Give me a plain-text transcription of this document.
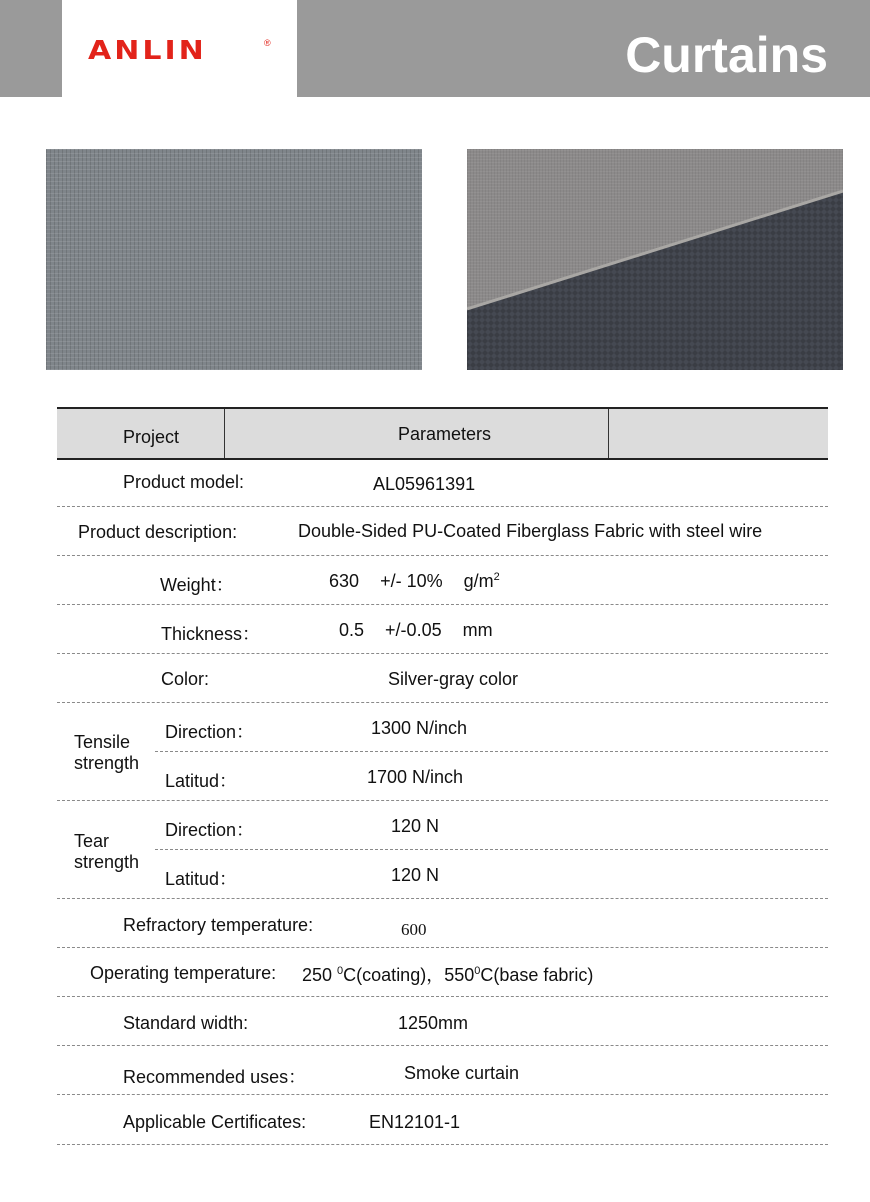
ANLIN	®	Curtains
Project	Parameters
Product model:	AL05961391
Product description:	Double-Sided PU-Coated Fiberglass Fabric with steel wire
Weight：	630 +/- 10% $g/m^2$
Thickness：	0.5 +/-0.05 mm
Color:	Silver-gray color
Tensile
strength
Direction：	1300 N/inch
Latitud：	1700 N/inch
Tear
strength
Direction：	120 N
Latitud：	120 N
Refractory temperature:	600
Operating temperature: 250 $^0$C(coating)，$550^0C(base$ fabric)
Standard width:	1250mm
Recommended uses：	Smoke curtain
Applicable Certificates:	EN12101-1
